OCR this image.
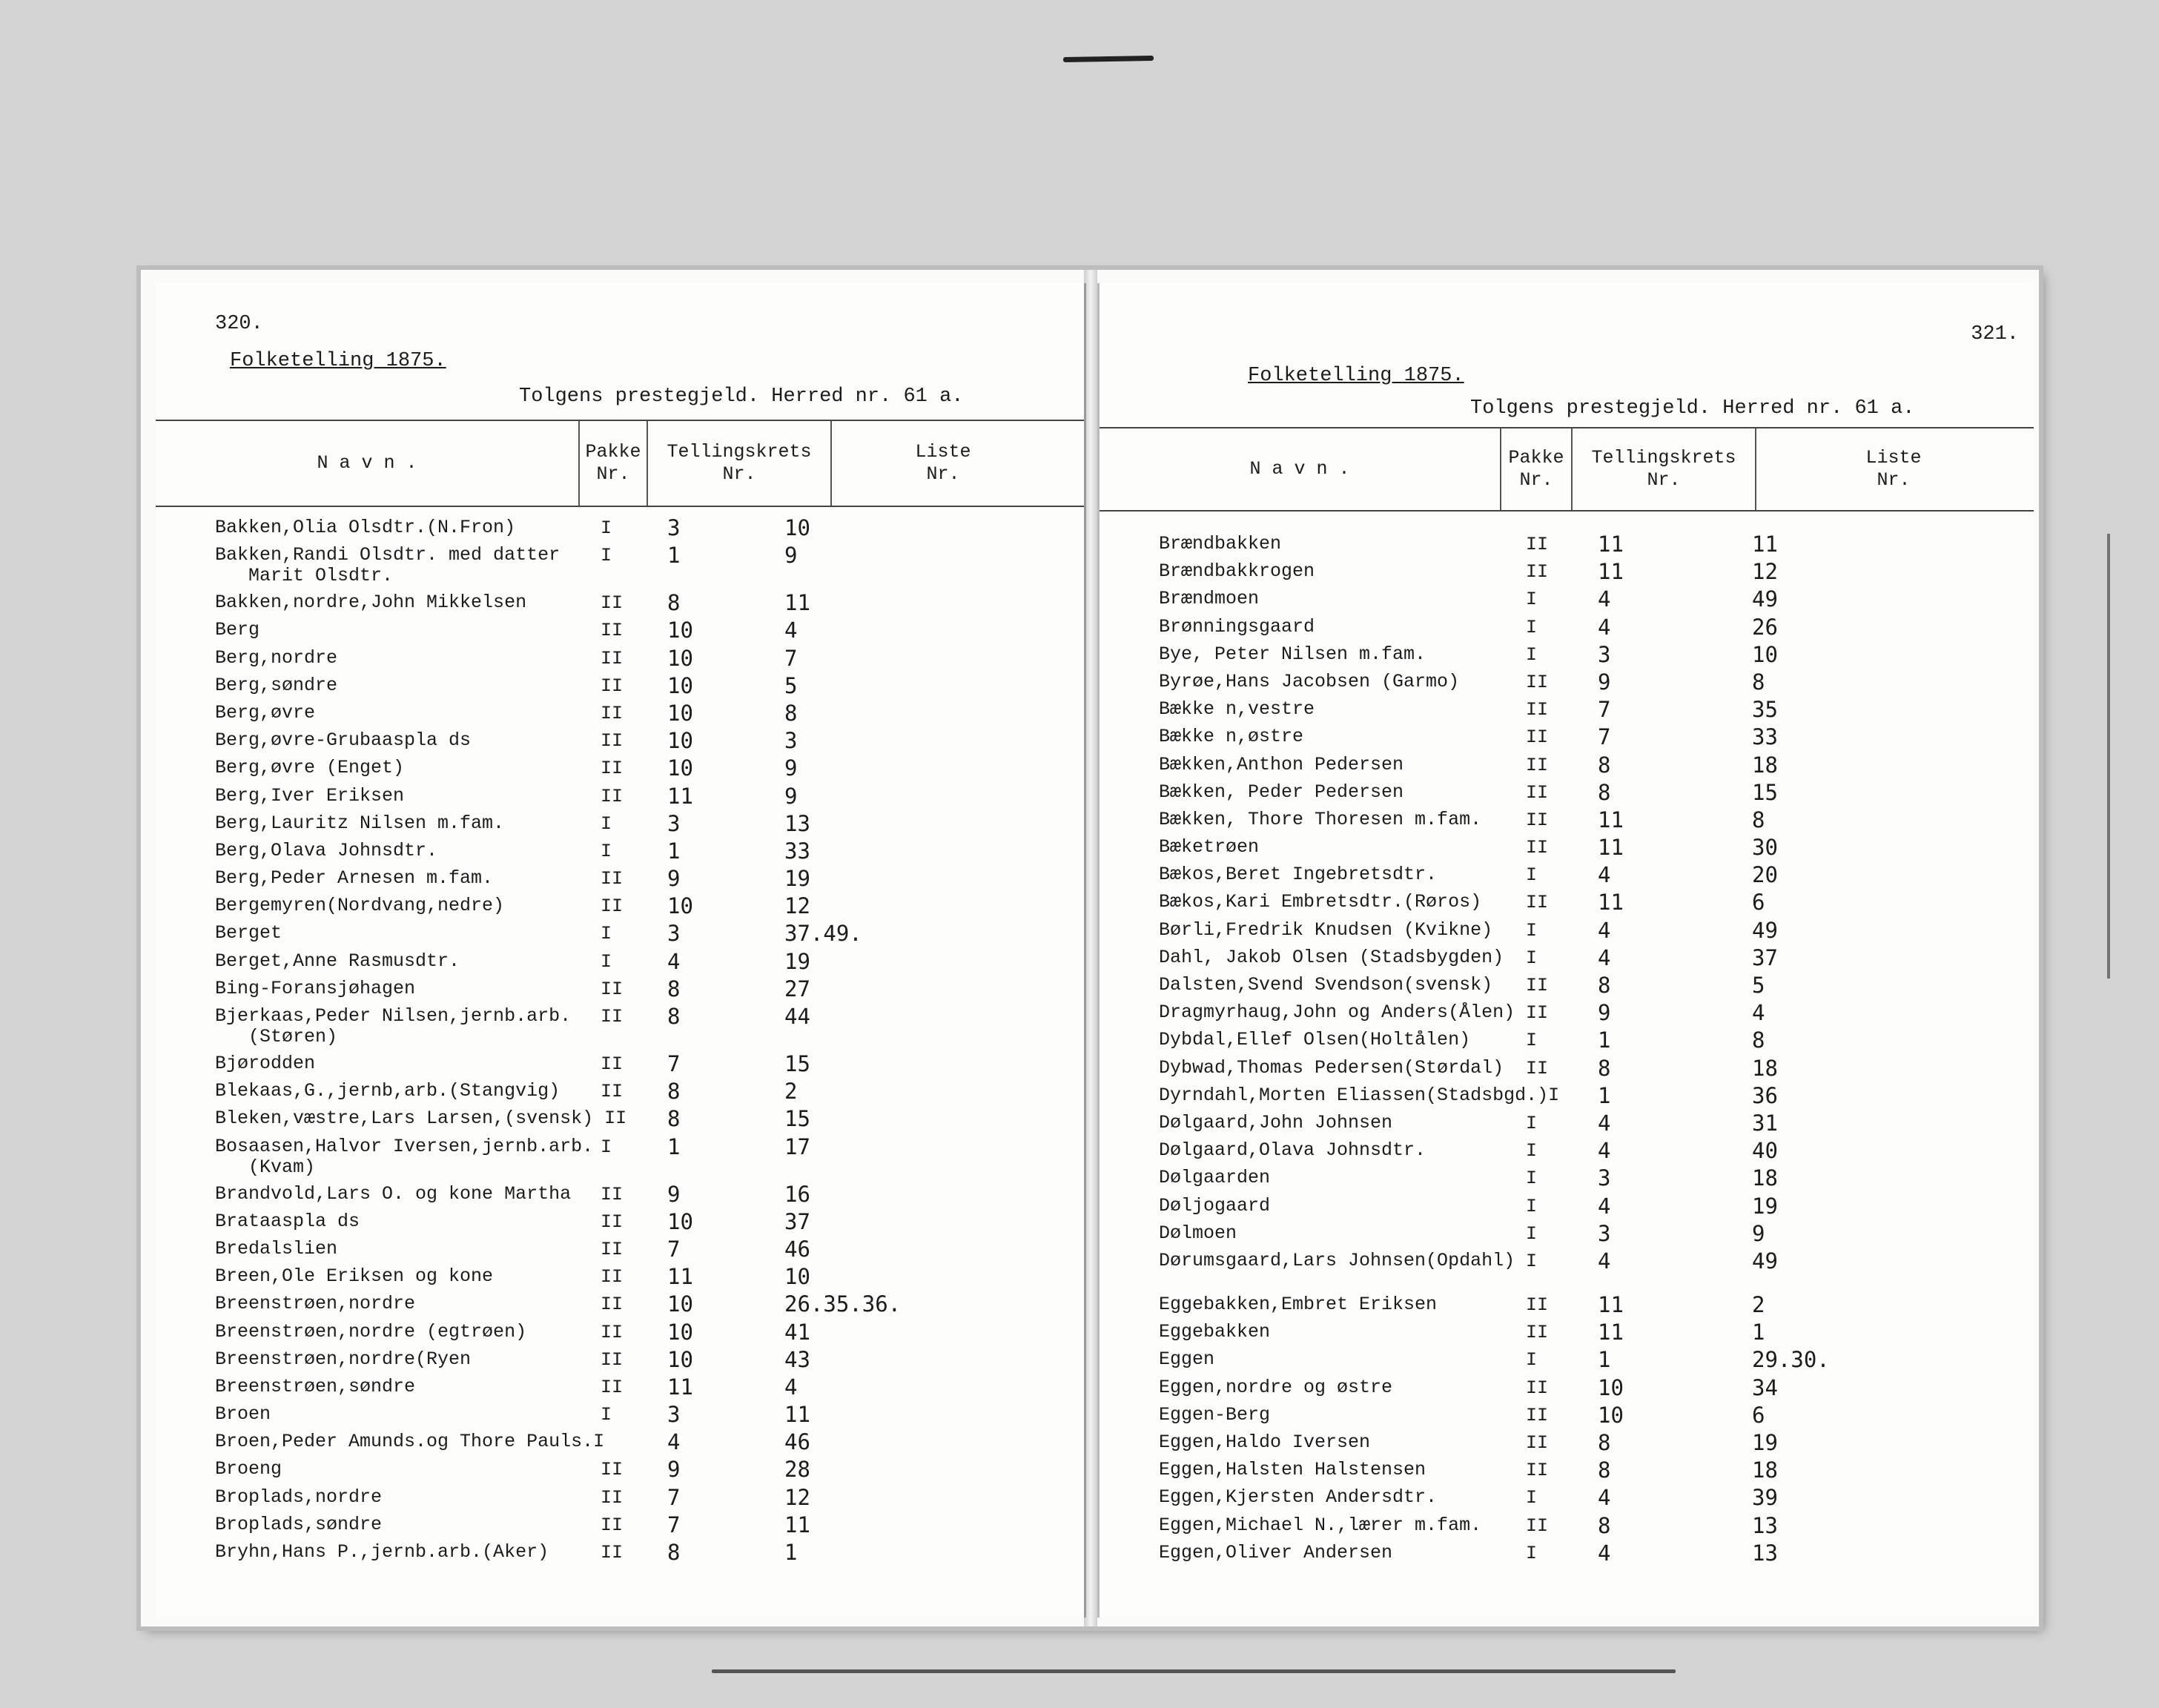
320.
Folketelling 1875.
Tolgens prestegjeld. Herred nr. 61 a.
N a v n .
Pakke
Nr.
Tellingskrets
Nr.
Liste
Nr.
Bakken,Olia Olsdtr.(N.Fron)	I	3	10
Bakken,Randi Olsdtr. med datter
Marit Olsdtr.
I	1	9
Bakken,nordre,John Mikkelsen	II 8	11
Berg	II 10	4
Berg,nordre	II 10	7
Berg,søndre	II 10	5
Berg,øvre	II 10	8
Berg,øvre-Grubaaspla ds	II 10	3
Berg,øvre (Enget)	II 10	9
Berg,Iver Eriksen	II 11	9
Berg,Lauritz Nilsen m.fam.	I	3	13
Berg,Olava Johnsdtr.	I	1	33
Berg,Peder Arnesen m.fam.	II 9	19
Bergemyren(Nordvang,nedre)	II 10	12
Berget	I	3	37.49.
Berget,Anne Rasmusdtr.	I	4	19
Bing-Foransjøhagen	II 8	27
Bjerkaas,Peder Nilsen,jernb.arb.
(Støren)
II 8	44
Bjørodden	II 7	15
Blekaas,G.,jernb,arb.(Stangvig) II 8	2
Bleken,væstre,Lars Larsen,(svensk) II 8	15
Bosaasen,Halvor Iversen,jernb.arb.
(Kvam)
I	1	17
Brandvold,Lars O. og kone Martha II 9	16
Brataaspla ds	II 10	37
Bredalslien	II 7	46
Breen,Ole Eriksen og kone	II 11	10
Breenstrøen,nordre	II 10	26.35.36.
Breenstrøen,nordre (egtrøen)	II 10	41
Breenstrøen,nordre(Ryen	II 10	43
Breenstrøen,søndre	II 11	4
Broen	I	3	11
Broen,Peder Amunds.og Thore Pauls.I	4	46
Broeng	II 9	28
Broplads,nordre	II 7	12
Broplads,søndre	II 7	11
Bryhn,Hans P.,jernb.arb.(Aker)	II 8	1
321.
Folketelling 1875.
Tolgens prestegjeld. Herred nr. 61 a.
N a v n .
Pakke
Nr.
Tellingskrets
Nr.
Liste
Nr.
Brændbakken	II 11	11
Brændbakkrogen	II 11	12
Brændmoen	I	4	49
Brønningsgaard	I	4	26
Bye, Peter Nilsen m.fam.	I	3	10
Byrøe,Hans Jacobsen (Garmo)	II 9	8
Bække n,vestre	II 7	35
Bække n,østre	II 7	33
Bækken,Anthon Pedersen	II 8	18
Bækken, Peder Pedersen	II 8	15
Bækken, Thore Thoresen m.fam. II 11	8
Bæketrøen	II 11	30
Bækos,Beret Ingebretsdtr.	I	4	20
Bækos,Kari Embretsdtr.(Røros) II 11	6
Børli,Fredrik Knudsen (Kvikne) I	4	49
Dahl, Jakob Olsen (Stadsbygden) I	4	37
Dalsten,Svend Svendson(svensk) II 8	5
Dragmyrhaug,John og Anders(Ålen) II 9	4
Dybdal,Ellef Olsen(Holtålen)	I	1	8
Dybwad,Thomas Pedersen(Størdal) II 8	18
Dyrndahl,Morten Eliassen(Stadsbgd.)I 1	36
Dølgaard,John Johnsen	I	4	31
Dølgaard,Olava Johnsdtr.	I	4	40
Dølgaarden	I	3	18
Døljogaard	I	4	19
Dølmoen	I	3	9
Dørumsgaard,Lars Johnsen(Opdahl) I	4	49
Eggebakken,Embret Eriksen	II 11	2
Eggebakken	II 11	1
Eggen	I	1	29.30.
Eggen,nordre og østre	II 10	34
Eggen-Berg	II 10	6
Eggen,Haldo Iversen	II 8	19
Eggen,Halsten Halstensen	II 8	18
Eggen,Kjersten Andersdtr.	I	4	39
Eggen,Michael N.,lærer m.fam. II 8	13
Eggen,Oliver Andersen	I	4	13
